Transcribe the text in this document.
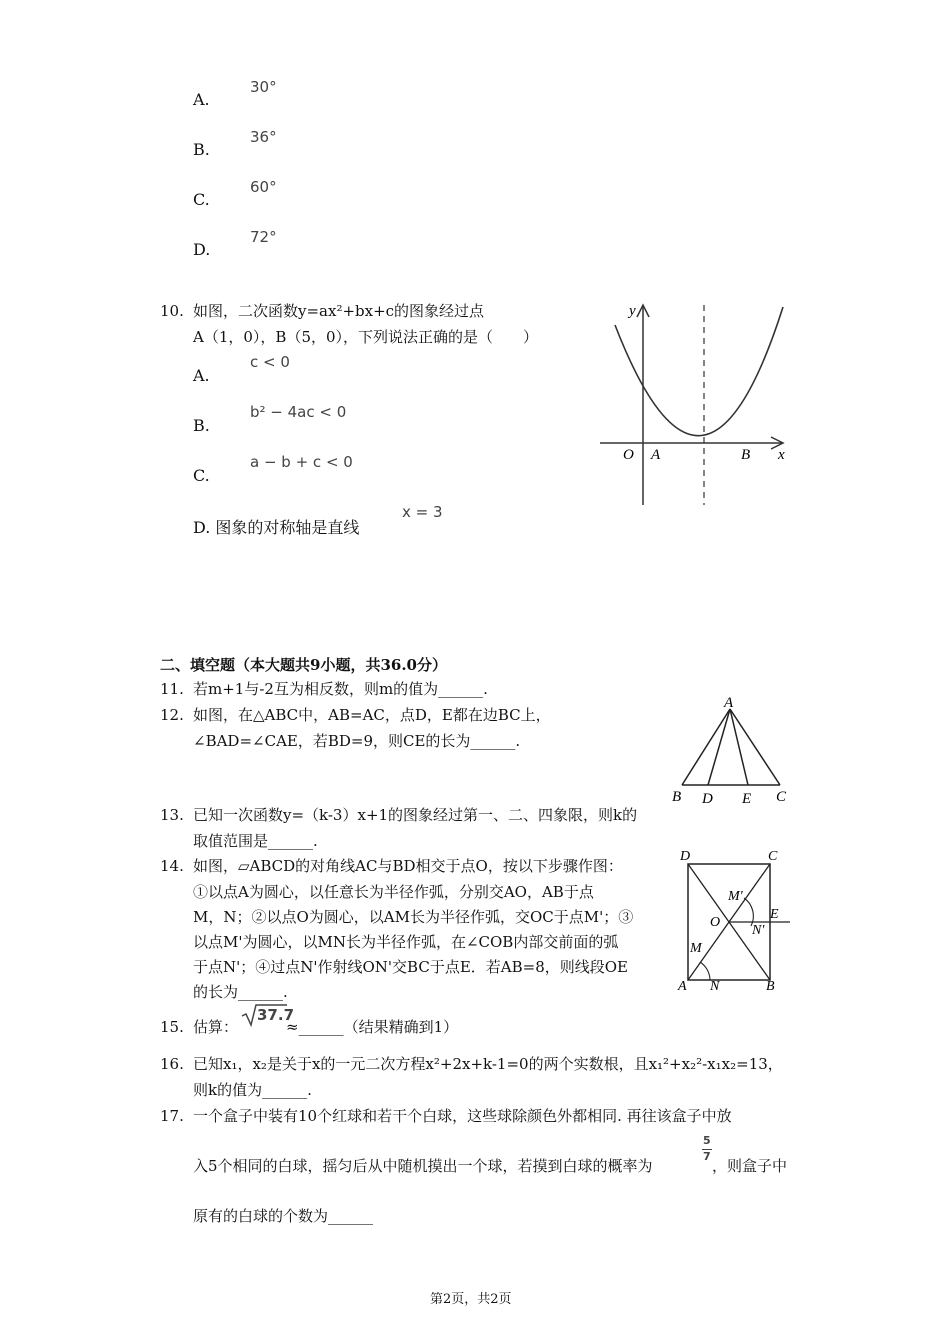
A.
30°
B.
36°
C.
60°
D.
72°
10. 如图，二次函数y=ax²+bx+c的图象经过点
A（1，0），B（5，0），下列说法正确的是（　　）
A.
c < 0
B.
b² − 4ac < 0
C.
a − b + c < 0
D. 图象的对称轴是直线
x = 3
y
x
O A	B
二、填空题（本大题共9小题，共36.0分）
11. 若m+1与-2互为相反数，则m的值为______.
12. 如图，在△ABC中，AB=AC，点D，E都在边BC上，
∠BAD=∠CAE，若BD=9，则CE的长为______.
A
B D E C
13. 已知一次函数y=（k-3）x+1的图象经过第一、二、四象限，则k的
取值范围是______.
14. 如图，▱ABCD的对角线AC与BD相交于点O，按以下步骤作图：
①以点A为圆心，以任意长为半径作弧，分别交AO，AB于点
M，N；②以点O为圆心，以AM长为半径作弧，交OC于点M'；③
以点M'为圆心，以MN长为半径作弧，在∠COB内部交前面的弧
于点N'；④过点N'作射线ON'交BC于点E．若AB=8，则线段OE
的长为______.
D	C
A	B
O
M
N
M'
N'
E
15. 估算：
37.7
≈______（结果精确到1）
16. 已知x₁，x₂是关于x的一元二次方程x²+2x+k-1=0的两个实数根，且x₁²+x₂²-x₁x₂=13，
则k的值为______.
17. 一个盒子中装有10个红球和若干个白球，这些球除颜色外都相同. 再往该盒子中放
入5个相同的白球，摇匀后从中随机摸出一个球，若摸到白球的概率为
5
7
，则盒子中
原有的白球的个数为______
第2页，共2页
